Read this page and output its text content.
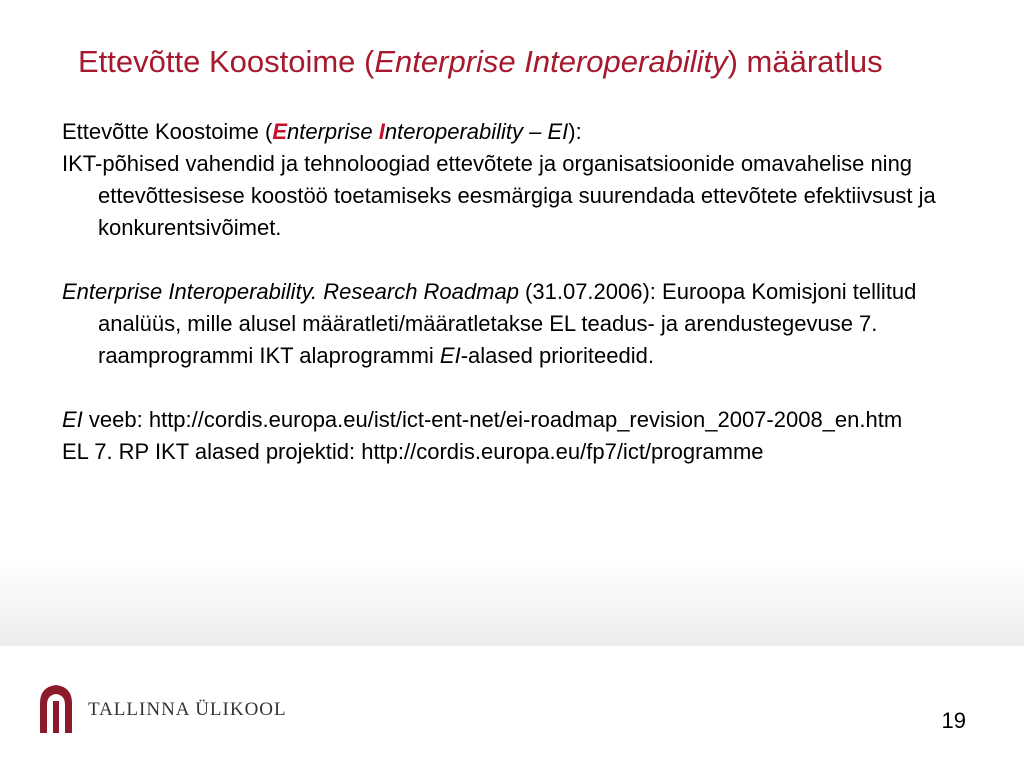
Ettevõtte Koostoime (Enterprise Interoperability) määratlus

Ettevõtte Koostoime (Enterprise Interoperability – EI):

IKT-põhised vahendid ja tehnoloogiad ettevõtete ja organisatsioonide omavahelise ning ettevõttesisese koostöö toetamiseks eesmärgiga suurendada ettevõtete efektiivsust ja konkurentsivõimet.

Enterprise Interoperability. Research Roadmap (31.07.2006): Euroopa Komisjoni tellitud analüüs, mille alusel määratleti/määratletakse EL teadus- ja arendustegevuse 7. raamprogrammi IKT alaprogrammi EI-alased prioriteedid.

EI veeb: http://cordis.europa.eu/ist/ict-ent-net/ei-roadmap_revision_2007-2008_en.htm

EL 7. RP IKT alased projektid: http://cordis.europa.eu/fp7/ict/programme

TALLINNA ÜLIKOOL	19
